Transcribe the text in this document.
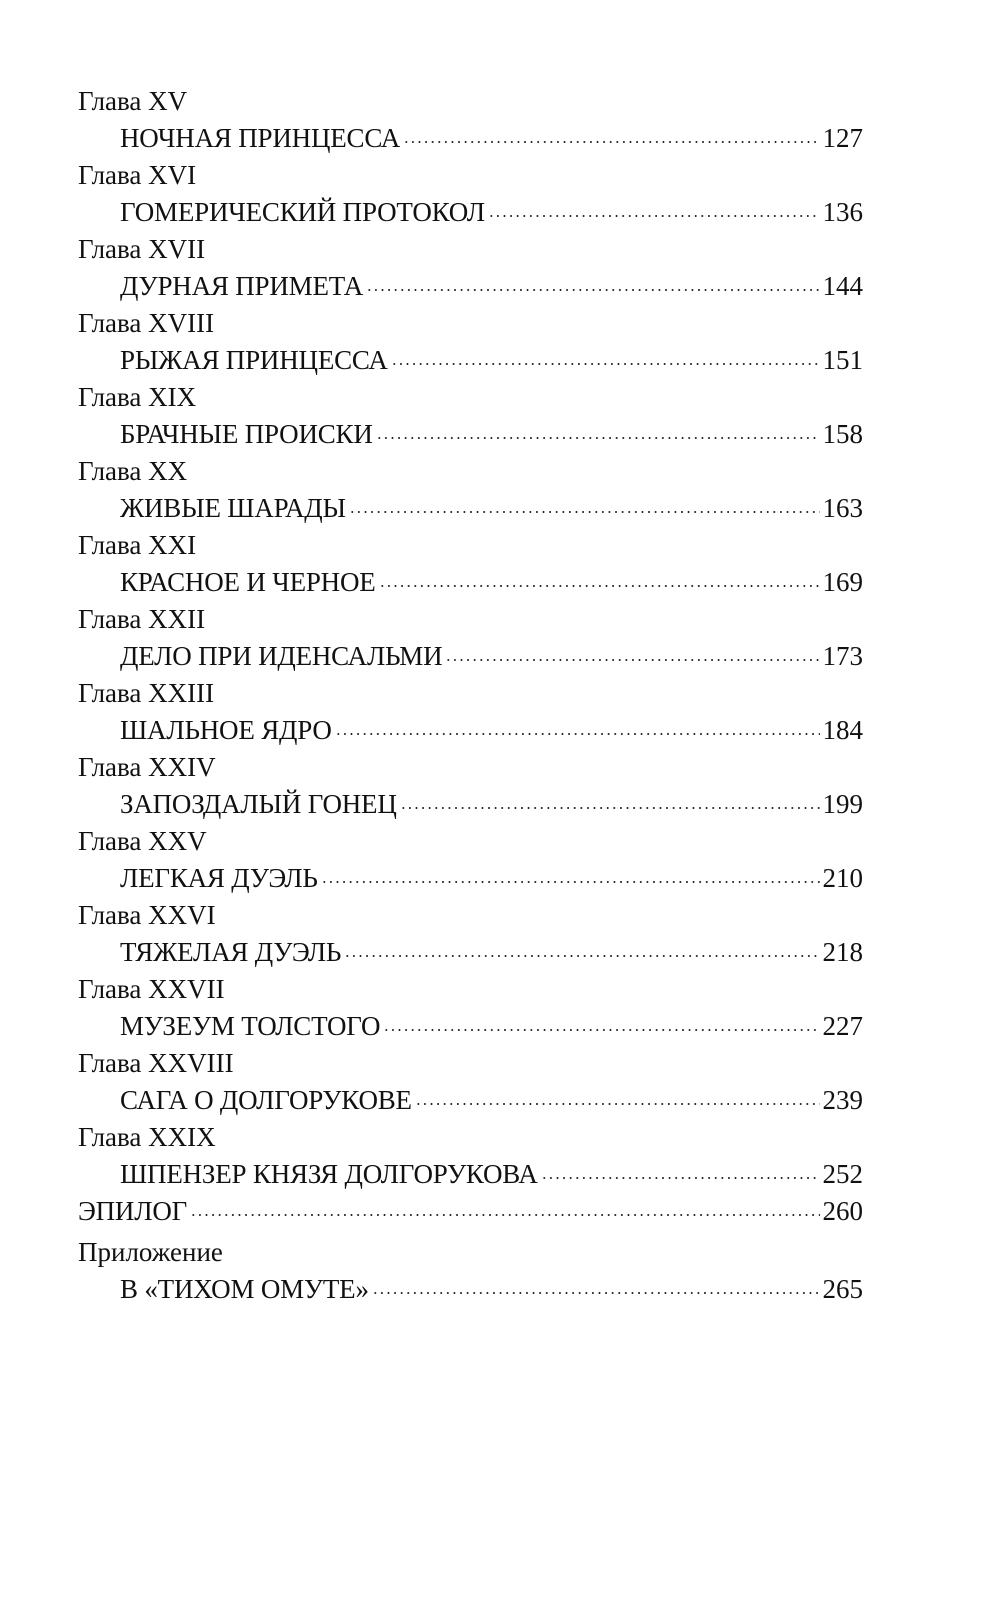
Глава XV
НОЧНАЯ ПРИНЦЕССА	127
Глава XVI
ГОМЕРИЧЕСКИЙ ПРОТОКОЛ	136
Глава XVII
ДУРНАЯ ПРИМЕТА	144
Глава XVIII
РЫЖАЯ ПРИНЦЕССА	151
Глава XIX
БРАЧНЫЕ ПРОИСКИ	158
Глава XX
ЖИВЫЕ ШАРАДЫ	163
Глава XXI
КРАСНОЕ И ЧЕРНОЕ	169
Глава XXII
ДЕЛО ПРИ ИДЕНСАЛЬМИ	173
Глава XXIII
ШАЛЬНОЕ ЯДРО	184
Глава XXIV
ЗАПОЗДАЛЫЙ ГОНЕЦ	199
Глава XXV
ЛЕГКАЯ ДУЭЛЬ	210
Глава XXVI
ТЯЖЕЛАЯ ДУЭЛЬ	218
Глава XXVII
МУЗЕУМ ТОЛСТОГО	227
Глава XXVIII
САГА О ДОЛГОРУКОВЕ	239
Глава XXIX
ШПЕНЗЕР КНЯЗЯ ДОЛГОРУКОВА	252
ЭПИЛОГ	260
Приложение
В «ТИХОМ ОМУТЕ»	265
